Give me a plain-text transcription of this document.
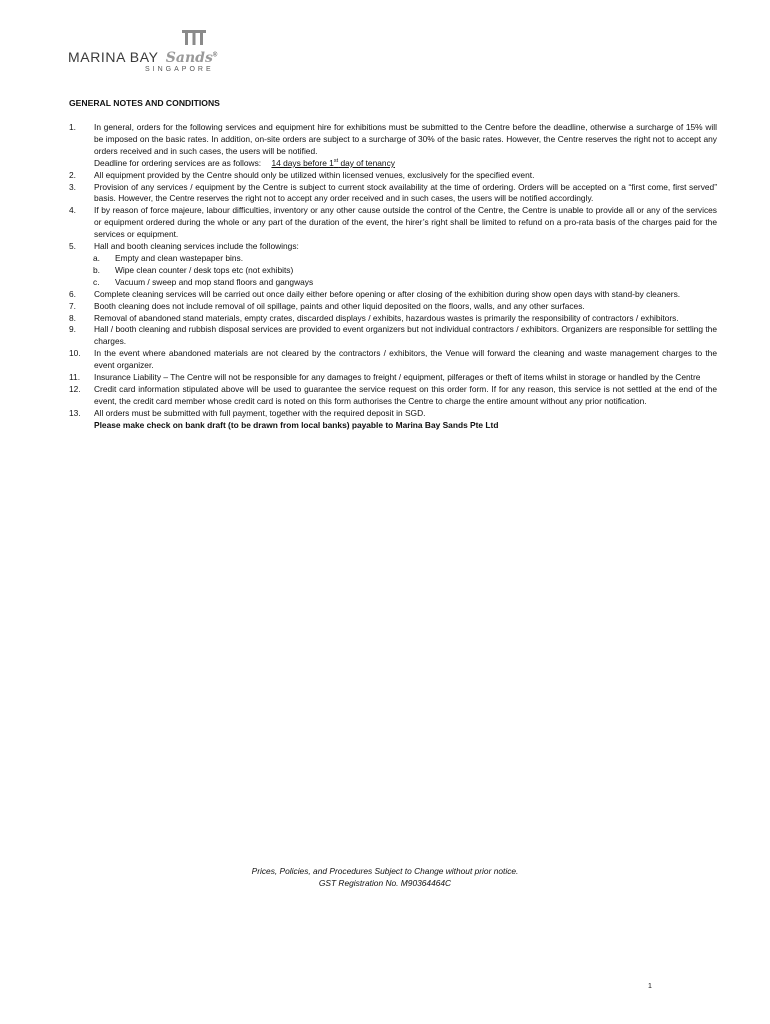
MARINA BAY Sands®
SINGAPORE
GENERAL NOTES AND CONDITIONS
1. In general, orders for the following services and equipment hire for exhibitions must be submitted to the Centre before the deadline, otherwise a surcharge of 15% will be imposed on the basic rates. In addition, on-site orders are subject to a surcharge of 30% of the basic rates. However, the Centre reserves the right not to accept any orders received and in such cases, the users will be notified.
Deadline for ordering services are as follows: 14 days before 1st day of tenancy
2. All equipment provided by the Centre should only be utilized within licensed venues, exclusively for the specified event.
3. Provision of any services / equipment by the Centre is subject to current stock availability at the time of ordering. Orders will be accepted on a “first come, first served” basis. However, the Centre reserves the right not to accept any order received and in such cases, the users will be notified accordingly.
4. If by reason of force majeure, labour difficulties, inventory or any other cause outside the control of the Centre, the Centre is unable to provide all or any of the services or equipment ordered during the whole or any part of the duration of the event, the hirer’s right shall be limited to refund on a pro-rata basis of the charges paid for the services or equipment.
5. Hall and booth cleaning services include the followings:
a. Empty and clean wastepaper bins.
b. Wipe clean counter / desk tops etc (not exhibits)
c. Vacuum / sweep and mop stand floors and gangways
6. Complete cleaning services will be carried out once daily either before opening or after closing of the exhibition during show open days with stand-by cleaners.
7. Booth cleaning does not include removal of oil spillage, paints and other liquid deposited on the floors, walls, and any other surfaces.
8. Removal of abandoned stand materials, empty crates, discarded displays / exhibits, hazardous wastes is primarily the responsibility of contractors / exhibitors.
9. Hall / booth cleaning and rubbish disposal services are provided to event organizers but not individual contractors / exhibitors. Organizers are responsible for settling the charges.
10. In the event where abandoned materials are not cleared by the contractors / exhibitors, the Venue will forward the cleaning and waste management charges to the event organizer.
11. Insurance Liability – The Centre will not be responsible for any damages to freight / equipment, pilferages or theft of items whilst in storage or handled by the Centre
12. Credit card information stipulated above will be used to guarantee the service request on this order form. If for any reason, this service is not settled at the end of the event, the credit card member whose credit card is noted on this form authorises the Centre to charge the entire amount without any prior notification.
13. All orders must be submitted with full payment, together with the required deposit in SGD.
Please make check on bank draft (to be drawn from local banks) payable to Marina Bay Sands Pte Ltd
Prices, Policies, and Procedures Subject to Change without prior notice.
GST Registration No. M90364464C
1
